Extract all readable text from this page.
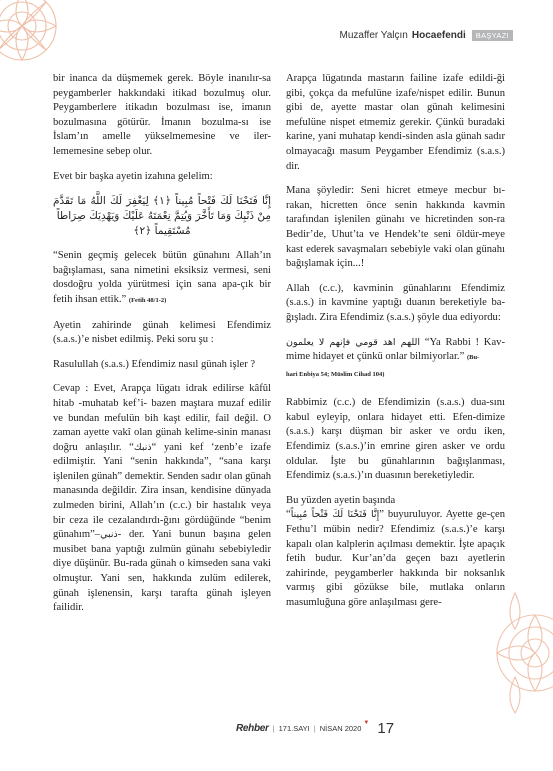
Muzaffer Yalçın Hocaefendi	BAŞYAZI

bir inanca da düşmemek gerek. Böyle inanılır-sa peygamberler hakkındaki itikad bozulmuş olur. Peygamberlere itikadın bozulması ise, imanın bozulmasına götürür. İmanın bozulma-sı ise İslam’ın amelle yükselmemesine ve iler-lememesine sebep olur.

Evet bir başka ayetin izahına gelelim:

إِنَّا فَتَحْنَا لَكَ فَتْحاً مُبِيناً ﴿١﴾ لِيَغْفِرَ لَكَ اللَّهُ مَا تَقَدَّمَ مِنْ ذَنْبِكَ وَمَا تَأَخَّرَ وَيُتِمَّ نِعْمَتَهُ عَلَيْكَ وَيَهْدِيَكَ صِرَاطاً
مُسْتَقِيماً ﴿٢﴾

“Senin geçmiş gelecek bütün günahını Allah’ın bağışlaması, sana nimetini eksiksiz vermesi, seni dosdoğru yolda yürütmesi için sana apa-çık bir fetih ihsan ettik.” (Fetih 48/1-2)

Ayetin zahirinde günah kelimesi Efendimiz (s.a.s.)’e nisbet edilmiş. Peki soru şu :

Rasulullah (s.a.s.) Efendimiz nasıl günah işler ?

Cevap : Evet, Arapça lügatı idrak edilirse kâfûl hitab -muhatab kef’i- bazen maştara muzaf edilir ve bundan mefulün bih kaşt edilir, fail değil. O zaman ayette vakî olan günah kelime-sinin manası doğru anlaşılır. “ذنبك“ yani kef ‘zenb’e izafe edilmiştir. Yani “senin hakkında”, “sana karşı işlenilen günah” demektir. Senden sadır olan günah manasında değildir. Zira insan, kendisine dünyada zulmeden birini, Allah’ın (c.c.) bir hastalık veya bir ceza ile cezalandırdı-ğını gördüğünde “benim günahım”–ذنبي- der. Yani bunun başına gelen musibet bana yaptığı zulmün günahı sebebiyledir diye düşünür. Bu-rada günah o kimseden sana vaki olmuştur. Yani sen, hakkında zulüm edilerek, günah işlenensin, karşı tarafta günah işleyen failidir.

Arapça lügatında mastarın failine izafe edildi-ği gibi, çokça da mefulüne izafe/nispet edilir. Bunun gibi de, ayette mastar olan günah kelimesini mefulüne nispet etmemiz gerekir. Çünkü buradaki karine, yani muhatap kendi-sinden asla günah sadır olmayacağı masum Peygamber Efendimiz (s.a.s.) dir.

Mana şöyledir: Seni hicret etmeye mecbur bı-rakan, hicretten önce senin hakkında kavmin tarafından işlenilen günahı ve hicretinden son-ra Bedir’de, Uhut’ta ve Hendek’te seni öldür-meye kast ederek savaşmaları sebebiyle vaki olan günahı bağışlamak için...!

Allah (c.c.), kavminin günahlarını Efendimiz (s.a.s.) in kavmine yaptığı duanın bereketiyle ba-ğışladı. Zira Efendimiz (s.a.s.) şöyle dua ediyordu:

اللهم اهد قومي فإنهم لا يعلمون “Ya Rabbi ! Kav-mime hidayet et çünkü onlar bilmiyorlar.” (Bu-

hari Enbiya 54; Müslim Cihad 104)

Rabbimiz (c.c.) de Efendimizin (s.a.s.) dua-sını kabul eyleyip, onlara hidayet etti. Efen-dimize (s.a.s.) karşı düşman bir asker ve ordu iken, Efendimiz (s.a.s.)’in emrine giren asker ve ordu oldular. İşte bu günahlarının bağışlanması, Efendimiz (s.a.s.)’ın duasının bereketiyledir.

Bu yüzden ayetin başında

“إِنَّا فَتَحْنَا لَكَ فَتْحاً مُبِيناً” buyuruluyor. Ayette ge-çen Fethu’l mübin nedir? Efendimiz (s.a.s.)’e karşı kapalı olan kalplerin açılması demektir. İşte apaçık fetih budur. Kur’an’da geçen bazı ayetlerin zahirinde, peygamberler hakkında bir noksanlık varmış gibi gözükse bile, mutlaka onların masumluğuna göre anlaşılması gere-

Rehber | 171.SAYI | NİSAN 2020
▼ 17
